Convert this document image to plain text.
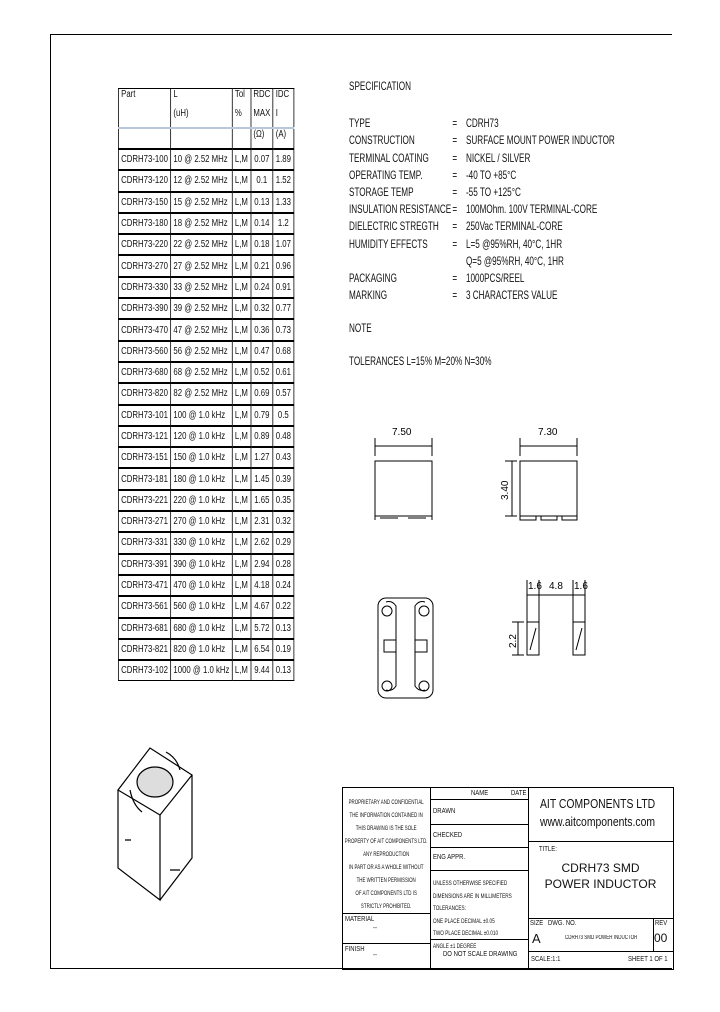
Part	L	Tol	RDC	IDC
	(uH)	%	MAX	I
			(Ω)	(A)
CDRH73-100	10 @ 2.52 MHz	L,M	0.07	1.89
CDRH73-120	12 @ 2.52 MHz	L,M	0.1	1.52
CDRH73-150	15 @ 2.52 MHz	L,M	0.13	1.33
CDRH73-180	18 @ 2.52 MHz	L,M	0.14	1.2
CDRH73-220	22 @ 2.52 MHz	L,M	0.18	1.07
CDRH73-270	27 @ 2.52 MHz	L,M	0.21	0.96
CDRH73-330	33 @ 2.52 MHz	L,M	0.24	0.91
CDRH73-390	39 @ 2.52 MHz	L,M	0.32	0.77
CDRH73-470	47 @ 2.52 MHz	L,M	0.36	0.73
CDRH73-560	56 @ 2.52 MHz	L,M	0.47	0.68
CDRH73-680	68 @ 2.52 MHz	L,M	0.52	0.61
CDRH73-820	82 @ 2.52 MHz	L,M	0.69	0.57
CDRH73-101	100 @ 1.0 kHz	L,M	0.79	0.5
CDRH73-121	120 @ 1.0 kHz	L,M	0.89	0.48
CDRH73-151	150 @ 1.0 kHz	L,M	1.27	0.43
CDRH73-181	180 @ 1.0 kHz	L,M	1.45	0.39
CDRH73-221	220 @ 1.0 kHz	L,M	1.65	0.35
CDRH73-271	270 @ 1.0 kHz	L,M	2.31	0.32
CDRH73-331	330 @ 1.0 kHz	L,M	2.62	0.29
CDRH73-391	390 @ 1.0 kHz	L,M	2.94	0.28
CDRH73-471	470 @ 1.0 kHz	L,M	4.18	0.24
CDRH73-561	560 @ 1.0 kHz	L,M	4.67	0.22
CDRH73-681	680 @ 1.0 kHz	L,M	5.72	0.13
CDRH73-821	820 @ 1.0 kHz	L,M	6.54	0.19
CDRH73-102	1000 @ 1.0 kHz	L,M	9.44	0.13
SPECIFICATION
TYPE	= CDRH73
CONSTRUCTION	= SURFACE MOUNT POWER INDUCTOR
TERMINAL COATING	= NICKEL / SILVER
OPERATING TEMP.	= -40 TO +85°C
STORAGE TEMP	= -55 TO +125°C
INSULATION RESISTANCE = 100MOhm. 100V TERMINAL-CORE
DIELECTRIC STREGTH	= 250Vac TERMINAL-CORE
HUMIDITY EFFECTS	= L=5 @95%RH, 40°C, 1HR
Q=5 @95%RH, 40°C, 1HR
PACKAGING	= 1000PCS/REEL
MARKING	= 3 CHARACTERS VALUE
NOTE
TOLERANCES L=15% M=20% N=30%
7.50	7.30
3.40
1.6 4.8 1.6
2.2
PROPRIETARY AND CONFIDENTIAL
THE INFORMATION CONTAINED IN
THIS DRAWING IS THE SOLE
PROPERTY OF AIT COMPONENTS LTD.
ANY REPRODUCTION
IN PART OR AS A WHOLE WITHOUT
THE WRITTEN PERMISSION
OF AIT COMPONENTS LTD IS
STRICTLY PROHIBITED.
MATERIAL
--
FINISH
--
NAME	DATE
DRAWN
CHECKED
ENG APPR.
UNLESS OTHERWISE SPECIFIED
DIMENSIONS ARE IN MILLIMETERS
TOLERANCES:
ONE PLACE DECIMAL ±0.05
TWO PLACE DECIMAL ±0.010
ANGLE ±1 DEGREE
DO NOT SCALE DRAWING
AIT COMPONENTS LTD
www.aitcomponents.com
TITLE:
CDRH73 SMD
POWER INDUCTOR
SIZE DWG. NO.
A	CDRH73 SMD POWER INDUCTOR
REV
00
SCALE:1:1	SHEET 1 OF 1
